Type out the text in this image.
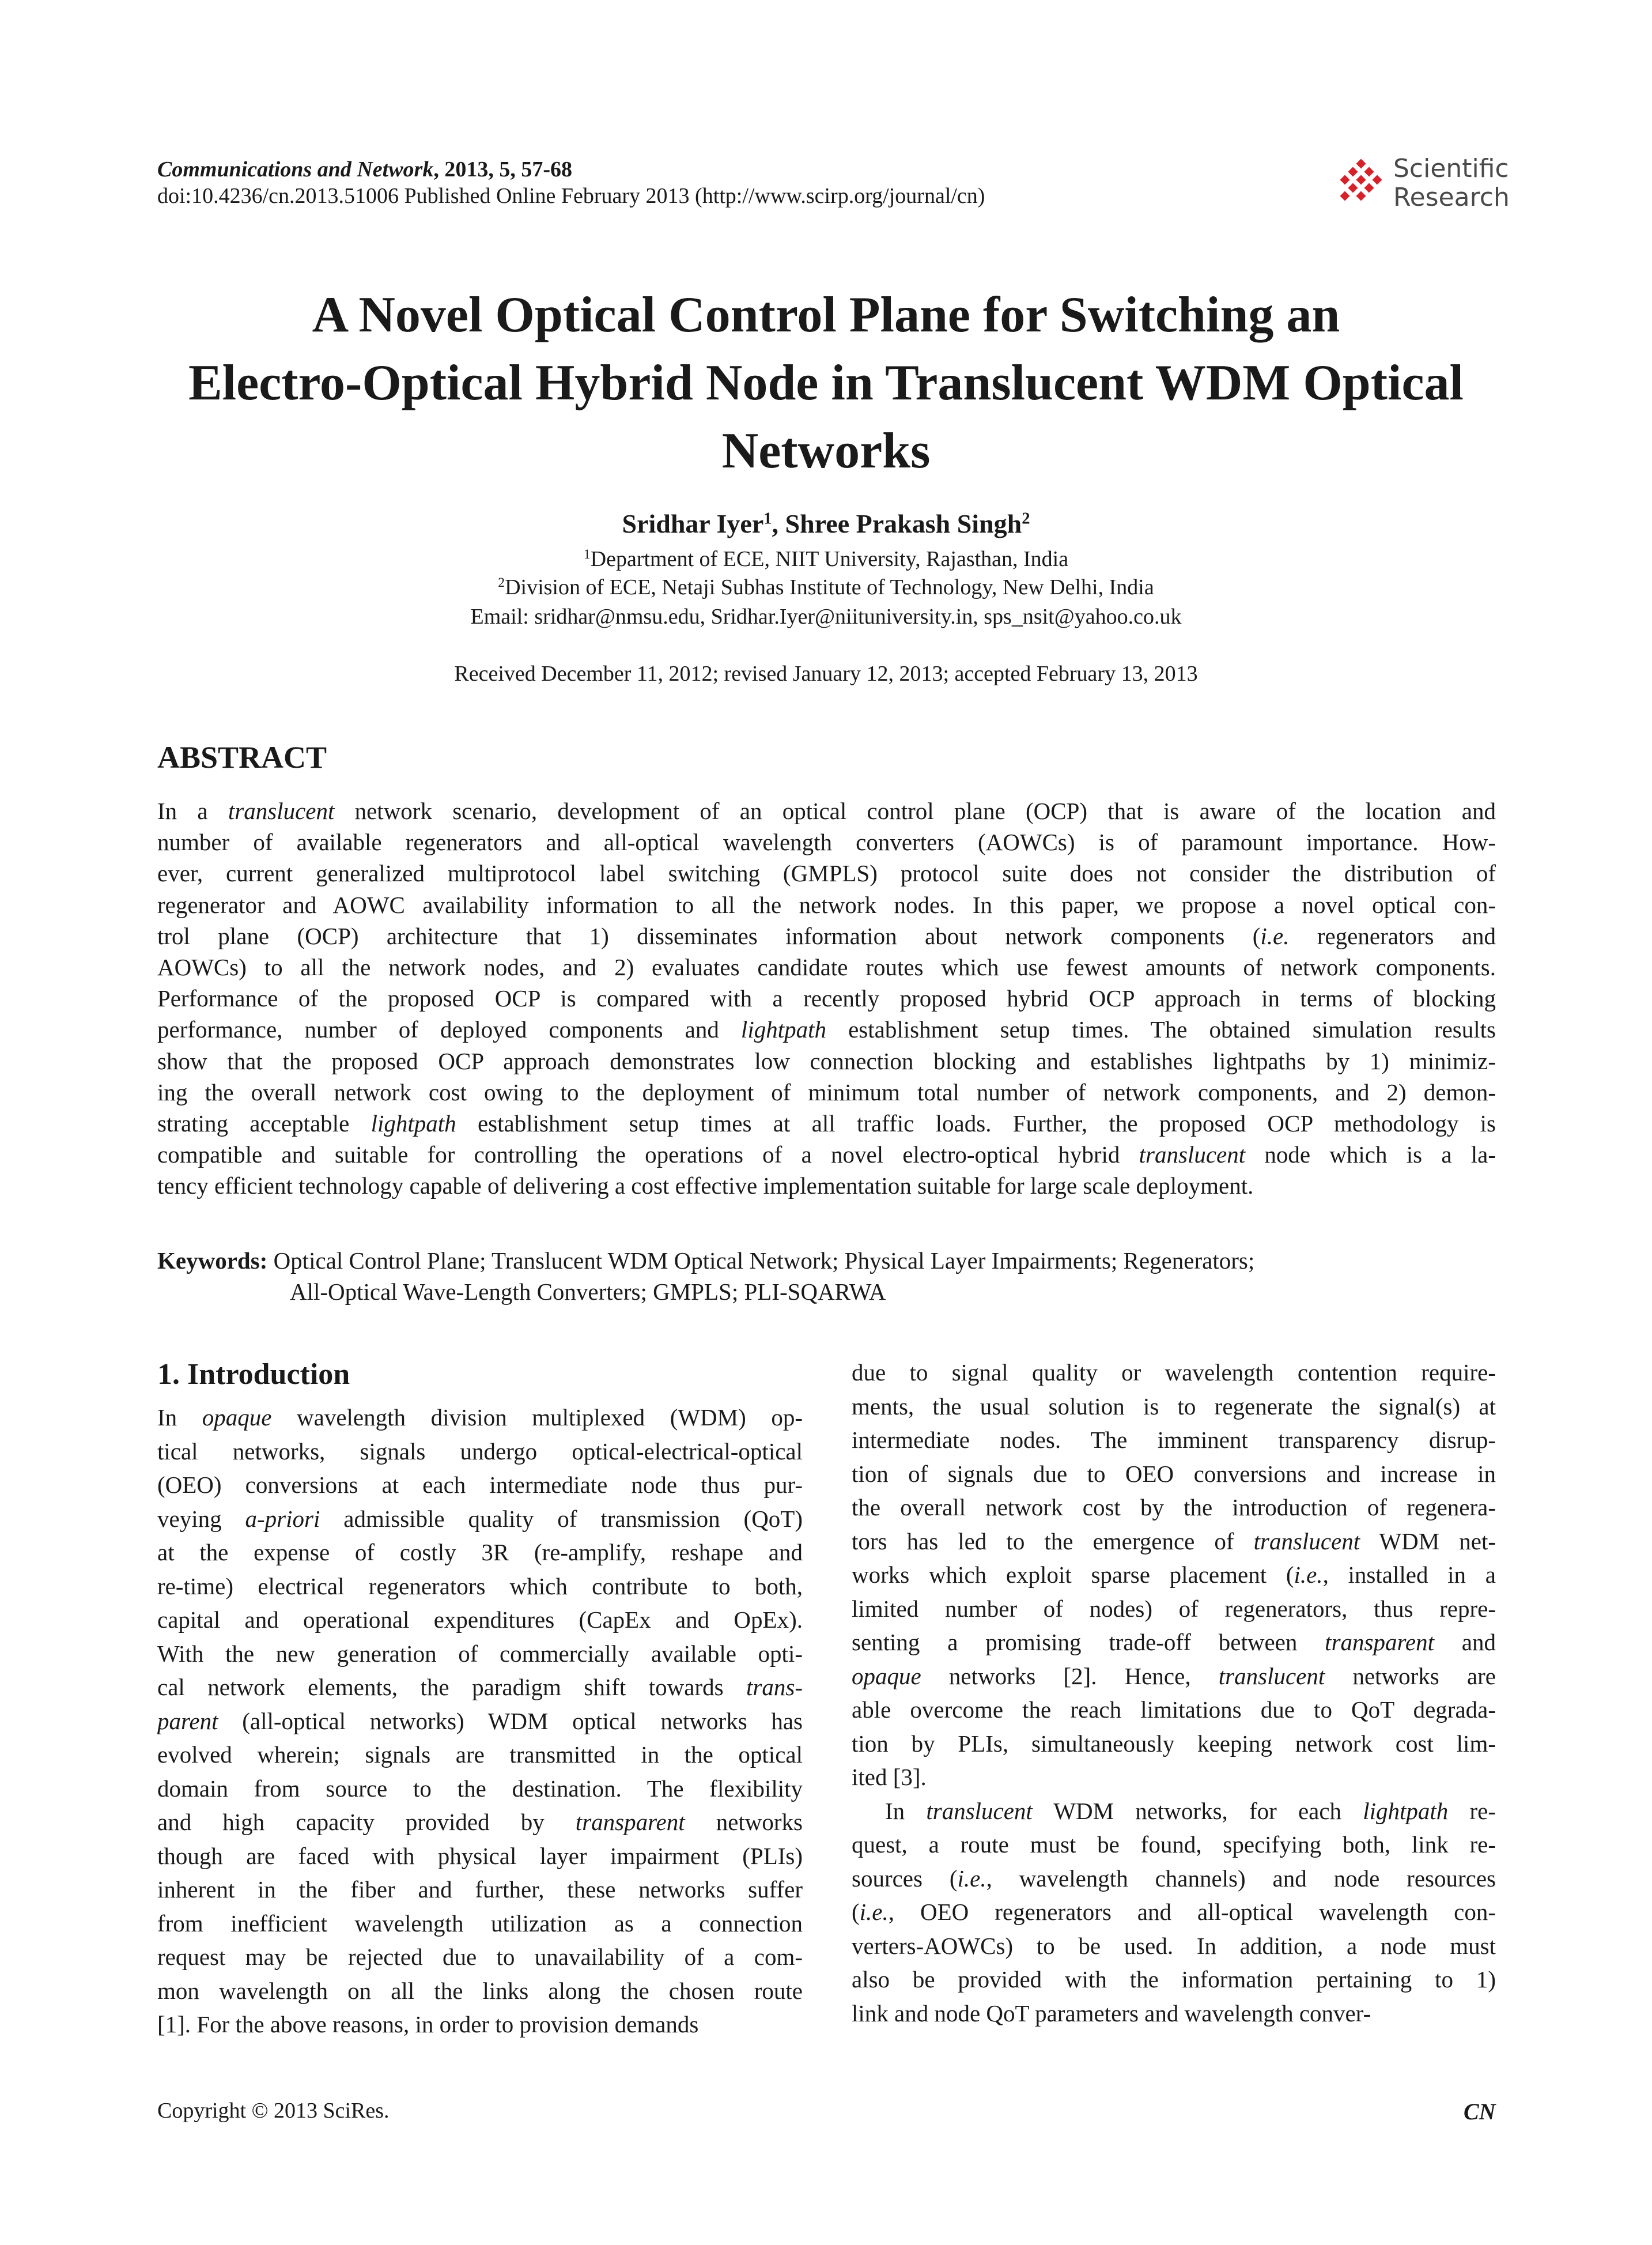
Communications and Network, 2013, 5, 57-68
doi:10.4236/cn.2013.51006 Published Online February 2013 (http://www.scirp.org/journal/cn)
Scientific
Research
A Novel Optical Control Plane for Switching an
Electro-Optical Hybrid Node in Translucent WDM Optical
Networks
Sridhar Iyer$^1$, Shree Prakash Singh$^2$
$^1$Department of ECE, NIIT University, Rajasthan, India
$^2$Division of ECE, Netaji Subhas Institute of Technology, New Delhi, India
Email: sridhar@nmsu.edu, Sridhar.Iyer@niituniversity.in, sps_nsit@yahoo.co.uk
Received December 11, 2012; revised January 12, 2013; accepted February 13, 2013
ABSTRACT
In a translucent network scenario, development of an optical control plane (OCP) that is aware of the location and
number of available regenerators and all-optical wavelength converters (AOWCs) is of paramount importance. How-
ever, current generalized multiprotocol label switching (GMPLS) protocol suite does not consider the distribution of
regenerator and AOWC availability information to all the network nodes. In this paper, we propose a novel optical con-
trol plane (OCP) architecture that 1) disseminates information about network components (i.e. regenerators and
AOWCs) to all the network nodes, and 2) evaluates candidate routes which use fewest amounts of network components.
Performance of the proposed OCP is compared with a recently proposed hybrid OCP approach in terms of blocking
performance, number of deployed components and lightpath establishment setup times. The obtained simulation results
show that the proposed OCP approach demonstrates low connection blocking and establishes lightpaths by 1) minimiz-
ing the overall network cost owing to the deployment of minimum total number of network components, and 2) demon-
strating acceptable lightpath establishment setup times at all traffic loads. Further, the proposed OCP methodology is
compatible and suitable for controlling the operations of a novel electro-optical hybrid translucent node which is a la-
tency efficient technology capable of delivering a cost effective implementation suitable for large scale deployment.
Keywords: Optical Control Plane; Translucent WDM Optical Network; Physical Layer Impairments; Regenerators;
All-Optical Wave-Length Converters; GMPLS; PLI-SQARWA
1. Introduction
In opaque wavelength division multiplexed (WDM) op-
tical networks, signals undergo optical-electrical-optical
(OEO) conversions at each intermediate node thus pur-
veying a-priori admissible quality of transmission (QoT)
at the expense of costly 3R (re-amplify, reshape and
re-time) electrical regenerators which contribute to both,
capital and operational expenditures (CapEx and OpEx).
With the new generation of commercially available opti-
cal network elements, the paradigm shift towards trans-
parent (all-optical networks) WDM optical networks has
evolved wherein; signals are transmitted in the optical
domain from source to the destination. The flexibility
and high capacity provided by transparent networks
though are faced with physical layer impairment (PLIs)
inherent in the fiber and further, these networks suffer
from inefficient wavelength utilization as a connection
request may be rejected due to unavailability of a com-
mon wavelength on all the links along the chosen route
[1]. For the above reasons, in order to provision demands
due to signal quality or wavelength contention require-
ments, the usual solution is to regenerate the signal(s) at
intermediate nodes. The imminent transparency disrup-
tion of signals due to OEO conversions and increase in
the overall network cost by the introduction of regenera-
tors has led to the emergence of translucent WDM net-
works which exploit sparse placement (i.e., installed in a
limited number of nodes) of regenerators, thus repre-
senting a promising trade-off between transparent and
opaque networks [2]. Hence, translucent networks are
able overcome the reach limitations due to QoT degrada-
tion by PLIs, simultaneously keeping network cost lim-
ited [3].
In translucent WDM networks, for each lightpath re-
quest, a route must be found, specifying both, link re-
sources (i.e., wavelength channels) and node resources
(i.e., OEO regenerators and all-optical wavelength con-
verters-AOWCs) to be used. In addition, a node must
also be provided with the information pertaining to 1)
link and node QoT parameters and wavelength conver-
Copyright © 2013 SciRes.	CN
